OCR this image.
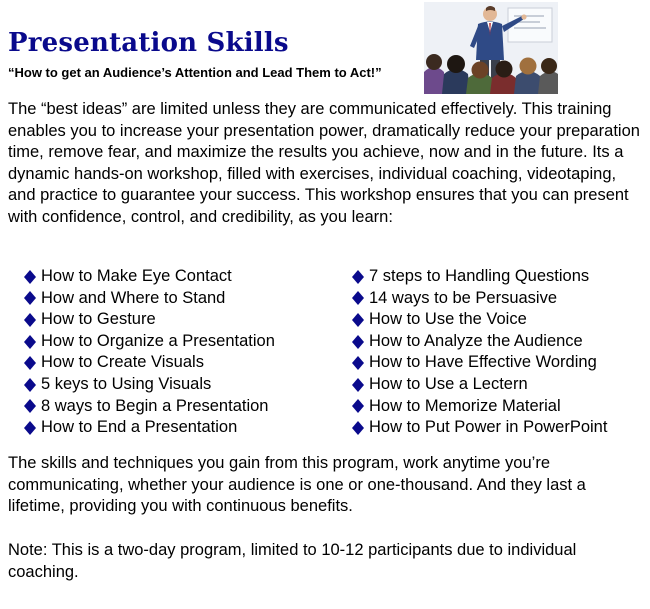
Presentation Skills
“How to get an Audience’s Attention and Lead Them to Act!”

The “best ideas” are limited unless they are communicated effectively. This training enables you to increase your presentation power, dramatically reduce your preparation time, remove fear, and maximize the results you achieve, now and in the future. Its a dynamic hands-on workshop, filled with exercises, individual coaching, videotaping, and practice to guarantee your success. This workshop ensures that you can present with confidence, control, and credibility, as you learn:

How to Make Eye Contact
How and Where to Stand
How to Gesture
How to Organize a Presentation
How to Create Visuals
5 keys to Using Visuals
8 ways to Begin a Presentation
How to End a Presentation
7 steps to Handling Questions
14 ways to be Persuasive
How to Use the Voice
How to Analyze the Audience
How to Have Effective Wording
How to Use a Lectern
How to Memorize Material
How to Put Power in PowerPoint

The skills and techniques you gain from this program, work anytime you’re communicating, whether your audience is one or one-thousand. And they last a lifetime, providing you with continuous benefits.

Note: This is a two-day program, limited to 10-12 participants due to individual coaching.
